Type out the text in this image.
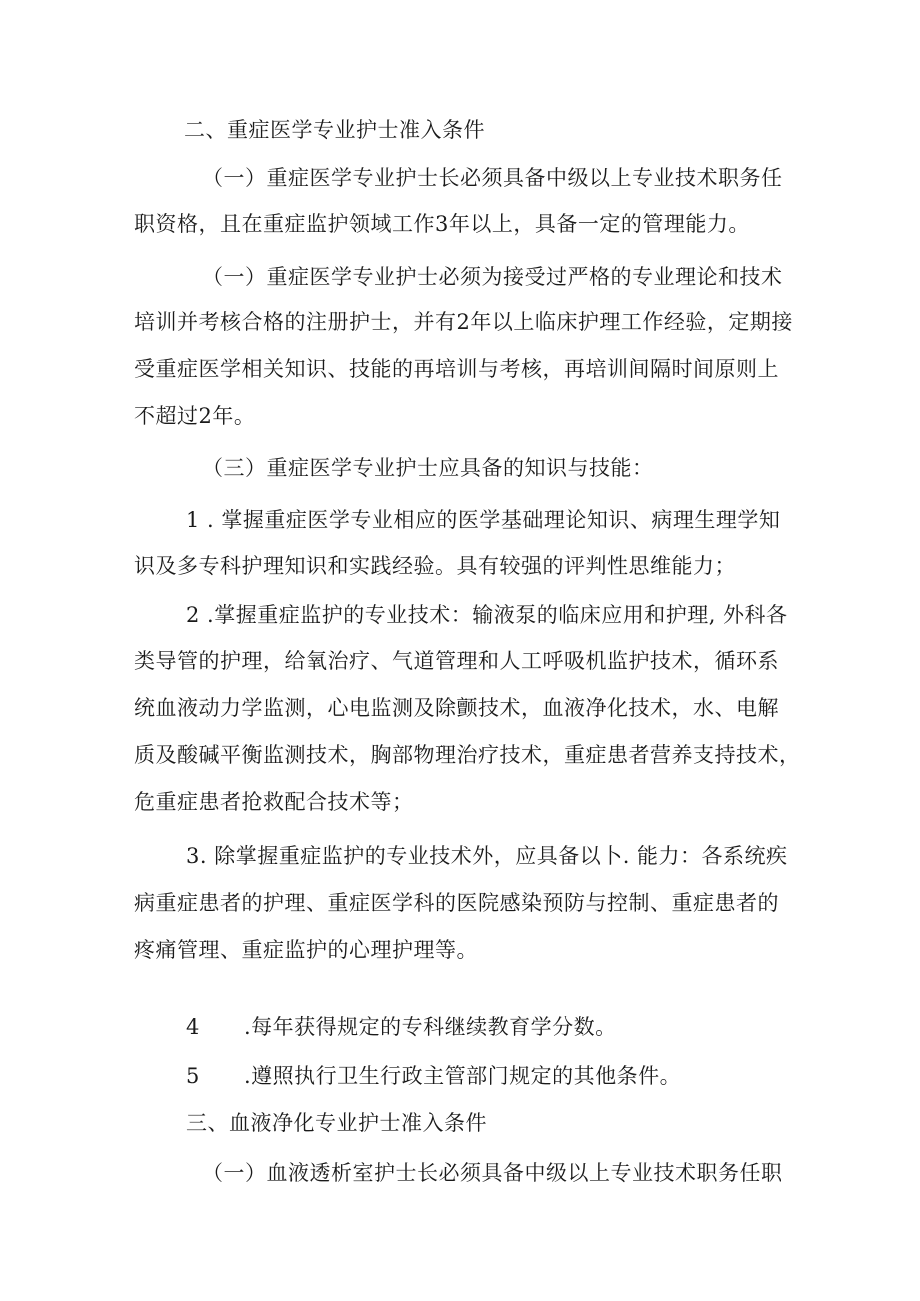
二、重症医学专业护士准入条件
（一）重症医学专业护士长必须具备中级以上专业技术职务任
职资格，且在重症监护领域工作3年以上，具备一定的管理能力。
（一）重症医学专业护士必须为接受过严格的专业理论和技术
培训并考核合格的注册护士，并有2年以上临床护理工作经验，定期接
受重症医学相关知识、技能的再培训与考核，再培训间隔时间原则上
不超过2年。
（三）重症医学专业护士应具备的知识与技能：
1 . 掌握重症医学专业相应的医学基础理论知识、病理生理学知
识及多专科护理知识和实践经验。具有较强的评判性思维能力；
2 .掌握重症监护的专业技术：输液泵的临床应用和护理, 外科各
类导管的护理，给氧治疗、气道管理和人工呼吸机监护技术，循环系
统血液动力学监测，心电监测及除颤技术，血液净化技术，水、电解
质及酸碱平衡监测技术，胸部物理治疗技术，重症患者营养支持技术，
危重症患者抢救配合技术等；
3. 除掌握重症监护的专业技术外，应具备以卜. 能力：各系统疾
病重症患者的护理、重症医学科的医院感染预防与控制、重症患者的
疼痛管理、重症监护的心理护理等。
4 .每年获得规定的专科继续教育学分数。
5 .遵照执行卫生行政主管部门规定的其他条件。
三、血液净化专业护士准入条件
（一）血液透析室护士长必须具备中级以上专业技术职务任职
